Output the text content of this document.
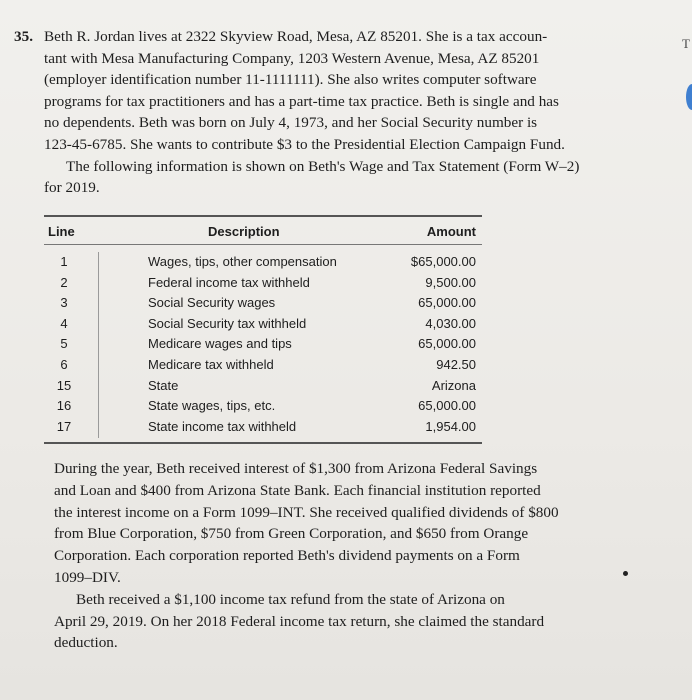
35. Beth R. Jordan lives at 2322 Skyview Road, Mesa, AZ 85201. She is a tax accoun-
tant with Mesa Manufacturing Company, 1203 Western Avenue, Mesa, AZ 85201
(employer identification number 11-1111111). She also writes computer software
programs for tax practitioners and has a part-time tax practice. Beth is single and has
no dependents. Beth was born on July 4, 1973, and her Social Security number is
123-45-6785. She wants to contribute $3 to the Presidential Election Campaign Fund.
The following information is shown on Beth's Wage and Tax Statement (Form W–2)
for 2019.
T
Line	Description	Amount
1	Wages, tips, other compensation	$65,000.00
2	Federal income tax withheld	9,500.00
3	Social Security wages	65,000.00
4	Social Security tax withheld	4,030.00
5	Medicare wages and tips	65,000.00
6	Medicare tax withheld	942.50
15	State	Arizona
16	State wages, tips, etc.	65,000.00
17	State income tax withheld	1,954.00
During the year, Beth received interest of $1,300 from Arizona Federal Savings
and Loan and $400 from Arizona State Bank. Each financial institution reported
the interest income on a Form 1099–INT. She received qualified dividends of $800
from Blue Corporation, $750 from Green Corporation, and $650 from Orange
Corporation. Each corporation reported Beth's dividend payments on a Form
1099–DIV.
Beth received a $1,100 income tax refund from the state of Arizona on
April 29, 2019. On her 2018 Federal income tax return, she claimed the standard
deduction.
